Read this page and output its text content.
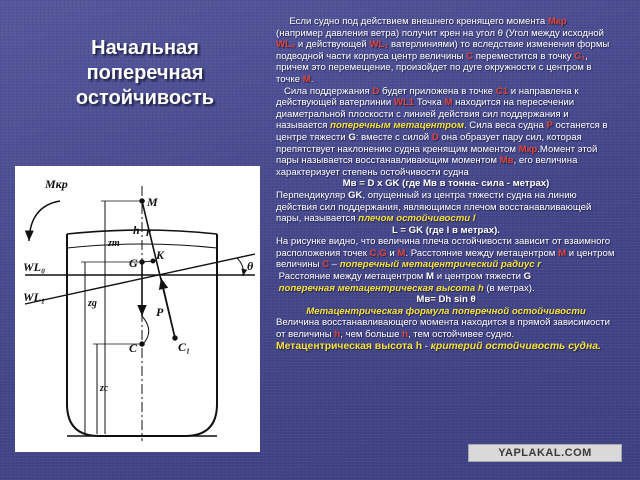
Начальная
поперечная
остойчивость
Мкр
WL₀
WL₁
θ
M
K
G
C	C₁
P
r
h
zm
zg
zc

Если судно под действием внешнего кренящего момента Мкр (например давления ветра) получит крен на угол θ (Угол между исходной WL₀ и действующей WL₁ ватерлиниями) то вследствие изменения формы подводной части корпуса центр величины C переместится в точку C₁, причем это перемещение, произойдет по дуге окружности с центром в точке M.

Сила поддержания D будет приложена в точке C1 и направлена к действующей ватерлинии WL1 Точка M находится на пересечении диаметральной плоскости с линией действия сил поддержания и называется поперечным метацентром. Сила веса судна P останется в центре тяжести G: вместе с силой D она образует пару сил, которая препятствует наклонению судна кренящим моментом Мкр.Момент этой пары называется восстанавливающим моментом Мв, его величина характеризует степень остойчивости судна

Мв = D x GK (где Мв в тонна- сила - метрах)

Перпендикуляр GK, опущенный из центра тяжести судна на линию действия сил поддержания, являющимся плечом восстанавливающей пары, называется плечом остойчивости l

L = GK (где l в метрах).

На рисунке видно, что величина плеча остойчивости зависит от взаимного расположения точек C,G и M. Расстояние между метацентром M и центром величины C – поперечный метацентрический радиус r

Расстояние между метацентром M и центром тяжести G
поперечная метацентрическая высота h (в метрах).

Мв= Dh sin θ

Метацентрическая формула поперечной остойчивости

Величина восстанавливающего момента находится в прямой зависимости от величины h, чем больше h, тем остойчивее судно.

Метацентрическая высота h - критерий остойчивость судна.

YAPLAKAL.COM
